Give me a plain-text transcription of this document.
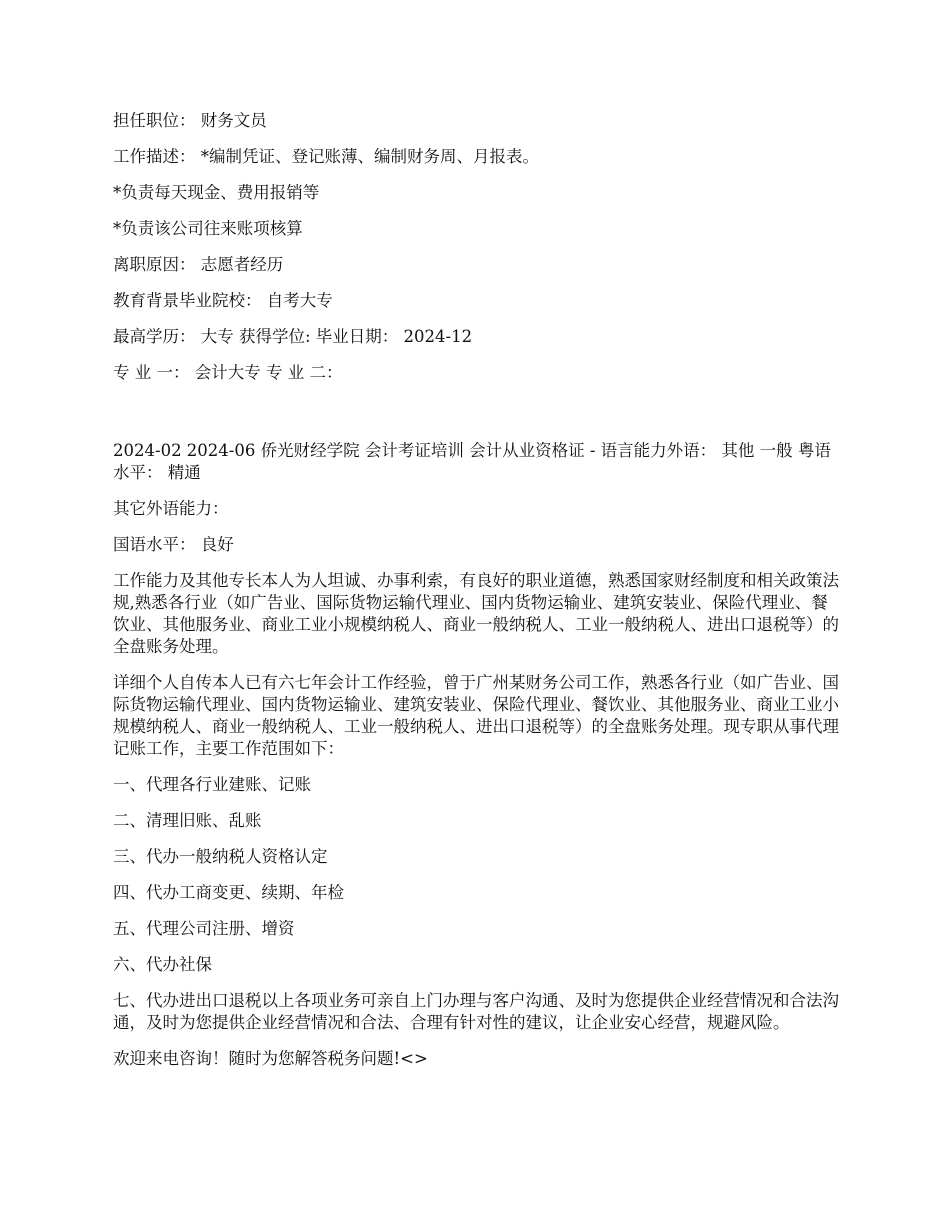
担任职位： 财务文员

工作描述： *编制凭证、登记账薄、编制财务周、月报表。

*负责每天现金、费用报销等

*负责该公司往来账项核算

离职原因： 志愿者经历

教育背景毕业院校： 自考大专

最高学历： 大专 获得学位: 毕业日期： 2024-12

专 业 一： 会计大专 专 业 二：

2024-02 2024-06 侨光财经学院 会计考证培训 会计从业资格证 - 语言能力外语： 其他 一般 粤语水平： 精通

其它外语能力：

国语水平： 良好

工作能力及其他专长本人为人坦诚、办事利索，有良好的职业道德，熟悉国家财经制度和相关政策法规,熟悉各行业（如广告业、国际货物运输代理业、国内货物运输业、建筑安装业、保险代理业、餐饮业、其他服务业、商业工业小规模纳税人、商业一般纳税人、工业一般纳税人、进出口退税等）的全盘账务处理。

详细个人自传本人已有六七年会计工作经验，曾于广州某财务公司工作，熟悉各行业（如广告业、国际货物运输代理业、国内货物运输业、建筑安装业、保险代理业、餐饮业、其他服务业、商业工业小规模纳税人、商业一般纳税人、工业一般纳税人、进出口退税等）的全盘账务处理。现专职从事代理记账工作，主要工作范围如下：

一、代理各行业建账、记账

二、清理旧账、乱账

三、代办一般纳税人资格认定

四、代办工商变更、续期、年检

五、代理公司注册、增资

六、代办社保

七、代办进出口退税以上各项业务可亲自上门办理与客户沟通、及时为您提供企业经营情况和合法沟通，及时为您提供企业经营情况和合法、合理有针对性的建议，让企业安心经营，规避风险。

欢迎来电咨询！随时为您解答税务问题!<>
